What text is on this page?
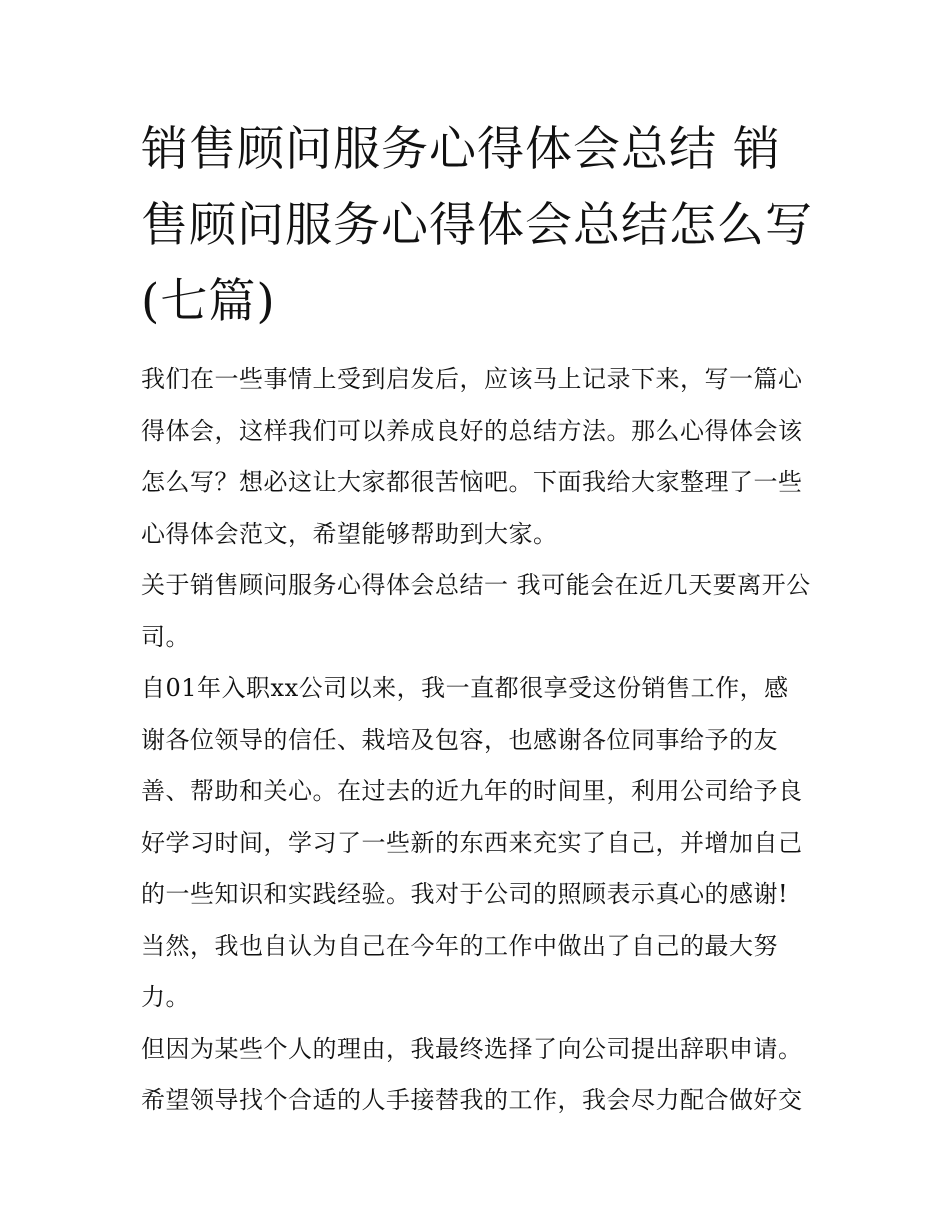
销售顾问服务心得体会总结 销售顾问服务心得体会总结怎么写(七篇)

我们在一些事情上受到启发后，应该马上记录下来，写一篇心得体会，这样我们可以养成良好的总结方法。那么心得体会该怎么写？想必这让大家都很苦恼吧。下面我给大家整理了一些心得体会范文，希望能够帮助到大家。

关于销售顾问服务心得体会总结一 我可能会在近几天要离开公司。

自01年入职xx公司以来，我一直都很享受这份销售工作，感谢各位领导的信任、栽培及包容，也感谢各位同事给予的友善、帮助和关心。在过去的近九年的时间里，利用公司给予良好学习时间，学习了一些新的东西来充实了自己，并增加自己的一些知识和实践经验。我对于公司的照顾表示真心的感谢!

当然，我也自认为自己在今年的工作中做出了自己的最大努力。

但因为某些个人的理由，我最终选择了向公司提出辞职申请。

希望领导找个合适的人手接替我的工作，我会尽力配合做好交
